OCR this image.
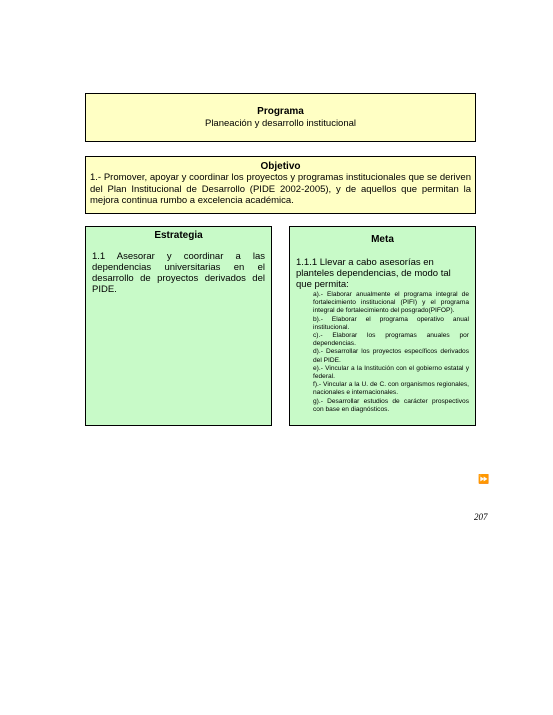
Programa
Planeación y desarrollo institucional
Objetivo
1.- Promover, apoyar y coordinar los proyectos y programas institucionales que se deriven del Plan Institucional de Desarrollo (PIDE 2002-2005), y de aquellos que permitan la mejora continua rumbo a excelencia académica.
Estrategia
1.1 Asesorar y coordinar a las dependencias universitarias en el desarrollo de proyectos derivados del PIDE.
Meta
1.1.1 Llevar a cabo asesorías en planteles dependencias, de modo tal que permita:
a).- Elaborar anualmente el programa integral de fortalecimiento institucional (PIFI) y el programa integral de fortalecimiento del posgrado(PIFOP).
b).- Elaborar el programa operativo anual institucional.
c).- Elaborar los programas anuales por dependencias.
d).- Desarrollar los proyectos específicos derivados del PIDE.
e).- Vincular a la Institución con el gobierno estatal y federal.
f).- Vincular a la U. de C. con organismos regionales, nacionales e internacionales.
g).- Desarrollar estudios de carácter prospectivos con base en diagnósticos.
⏩
207
